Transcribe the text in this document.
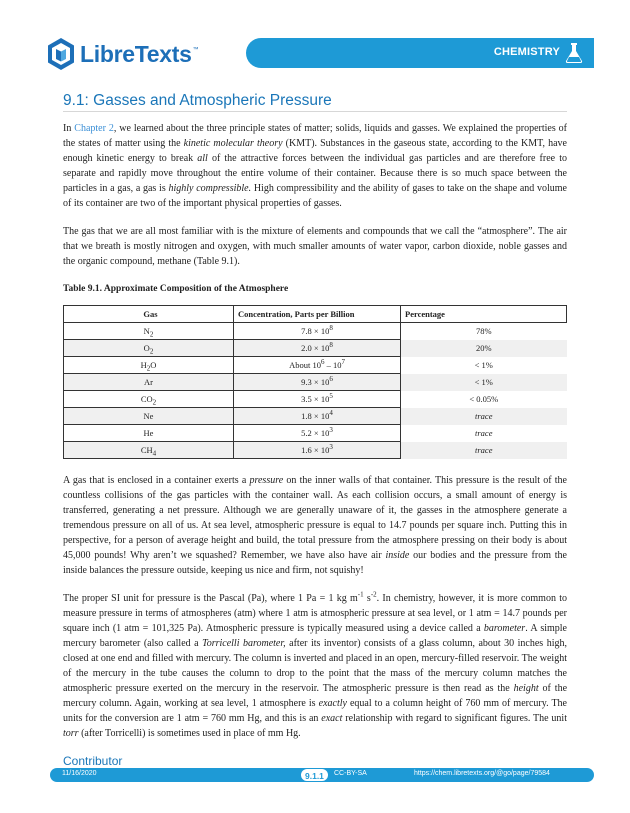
LibreTexts ™	CHEMISTRY
9.1: Gasses and Atmospheric Pressure

In Chapter 2, we learned about the three principle states of matter; solids, liquids and gasses. We explained the properties of the states of matter using the kinetic molecular theory (KMT). Substances in the gaseous state, according to the KMT, have enough kinetic energy to break all of the attractive forces between the individual gas particles and are therefore free to separate and rapidly move throughout the entire volume of their container. Because there is so much space between the particles in a gas, a gas is highly compressible. High compressibility and the ability of gases to take on the shape and volume of its container are two of the important physical properties of gasses.

The gas that we are all most familiar with is the mixture of elements and compounds that we call the “atmosphere”. The air that we breath is mostly nitrogen and oxygen, with much smaller amounts of water vapor, carbon dioxide, noble gasses and the organic compound, methane (Table 9.1).

Table 9.1. Approximate Composition of the Atmosphere
Gas	Concentration, Parts per Billion	Percentage
$N_2$	$7.8 \times 10^8$	78%
$O_2$	$2.0 \times 10^8$	20%
$H_2O$	About $10^6 - 10^7$	< 1%
Ar	$9.3 \times 10^6$	< 1%
$CO_2$	$3.5 \times 10^5$	< 0.05%
Ne	$1.8 \times 10^4$	trace
He	$5.2 \times 10^3$	trace
$CH_4$	$1.6 \times 10^3$	trace

A gas that is enclosed in a container exerts a pressure on the inner walls of that container. This pressure is the result of the countless collisions of the gas particles with the container wall. As each collision occurs, a small amount of energy is transferred, generating a net pressure. Although we are generally unaware of it, the gasses in the atmosphere generate a tremendous pressure on all of us. At sea level, atmospheric pressure is equal to 14.7 pounds per square inch. Putting this in perspective, for a person of average height and build, the total pressure from the atmosphere pressing on their body is about 45,000 pounds! Why aren’t we squashed? Remember, we have also have air inside our bodies and the pressure from the inside balances the pressure outside, keeping us nice and firm, not squishy!

The proper SI unit for pressure is the Pascal (Pa), where 1 Pa = 1 kg $m^{-1}$ $s^{-2}$. In chemistry, however, it is more common to measure pressure in terms of atmospheres (atm) where 1 atm is atmospheric pressure at sea level, or 1 atm = 14.7 pounds per square inch (1 atm = 101,325 Pa). Atmospheric pressure is typically measured using a device called a barometer. A simple mercury barometer (also called a Torricelli barometer, after its inventor) consists of a glass column, about 30 inches high, closed at one end and filled with mercury. The column is inverted and placed in an open, mercury-filled reservoir. The weight of the mercury in the tube causes the column to drop to the point that the mass of the mercury column matches the atmospheric pressure exerted on the mercury in the reservoir. The atmospheric pressure is then read as the height of the mercury column. Again, working at sea level, 1 atmosphere is exactly equal to a column height of 760 mm of mercury. The units for the conversion are 1 atm = 760 mm Hg, and this is an exact relationship with regard to significant figures. The unit torr (after Torricelli) is sometimes used in place of mm Hg.

Contributor
•
11/16/2020	9.1.1	CC-BY-SA	https://chem.libretexts.org/@go/page/79584
